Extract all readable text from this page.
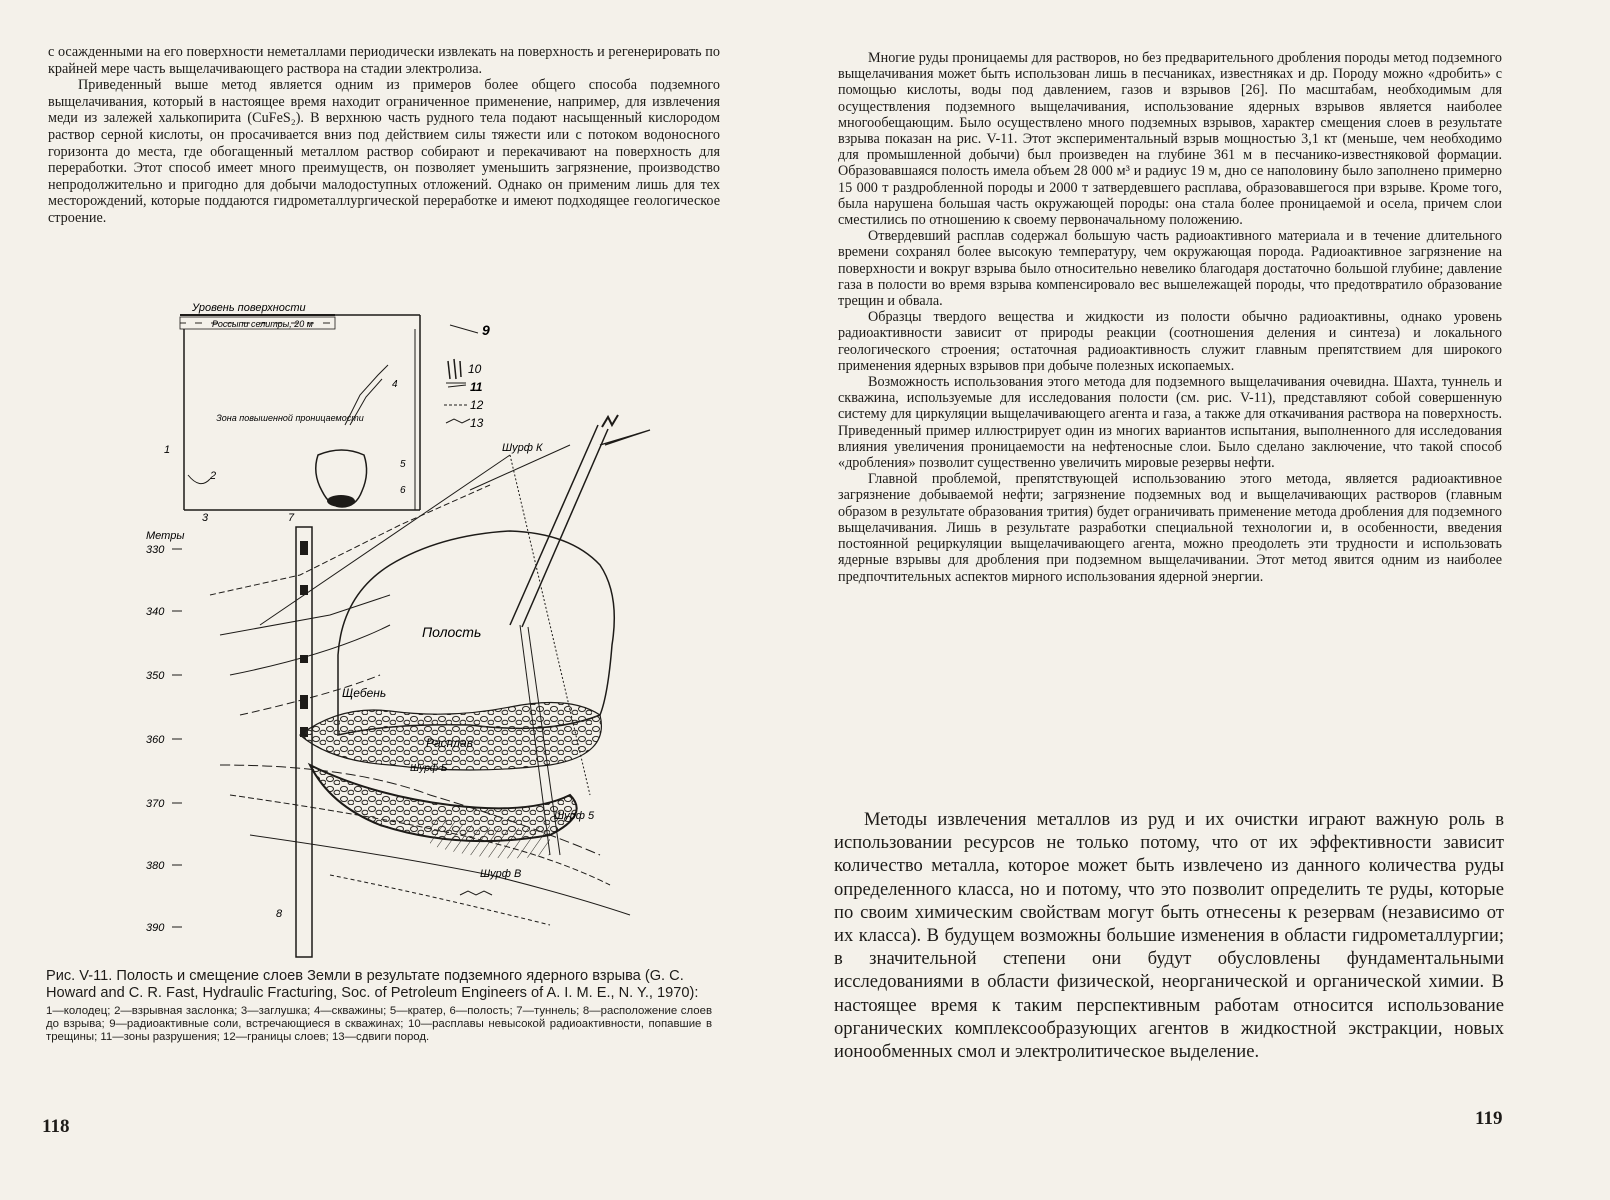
с осажденными на его поверхности неметаллами периодически извлекать на поверхность и регенерировать по крайней мере часть выщелачивающего раствора на стадии электролиза.

Приведенный выше метод является одним из примеров более общего способа подземного выщелачивания, который в настоящее время находит ограниченное применение, например, для извлечения меди из залежей халькопирита (CuFeS₂). В верхнюю часть рудного тела подают насыщенный кислородом раствор серной кислоты, он просачивается вниз под действием силы тяжести или с потоком водоносного горизонта до места, где обогащенный металлом раствор собирают и перекачивают на поверхность для переработки. Этот способ имеет много преимуществ, он позволяет уменьшить загрязнение, производство непродолжительно и пригодно для добычи малодоступных отложений. Однако он применим лишь для тех месторождений, которые поддаются гидрометаллургической переработке и имеют подходящее геологическое строение.

Уровень поверхности
Россыпи селитры, 20 м
Зона повышенной проницаемости
4
1
2
3	7
5
6
9
10
11
12
13
Метры
330
340
350
360
370
380
390
8
Полость
Щебень
Расплав
Шурф Б
Шурф К
Шурф 5
Шурф В

Рис. V-11. Полость и смещение слоев Земли в результате подземного ядерного взрыва (G. C. Howard and C. R. Fast, Hydraulic Fracturing, Soc. of Petroleum Engineers of A. I. M. E., N. Y., 1970):

1—колодец; 2—взрывная заслонка; 3—заглушка; 4—скважины; 5—кратер, 6—полость; 7—туннель; 8—расположение слоев до взрыва; 9—радиоактивные соли, встречающиеся в скважинах; 10—расплавы невысокой радиоактивности, попавшие в трещины; 11—зоны разрушения; 12—границы слоев; 13—сдвиги пород.

118

Многие руды проницаемы для растворов, но без предварительного дробления породы метод подземного выщелачивания может быть использован лишь в песчаниках, известняках и др. Породу можно «дробить» с помощью кислоты, воды под давлением, газов и взрывов [26]. По масштабам, необходимым для осуществления подземного выщелачивания, использование ядерных взрывов является наиболее многообещающим. Было осуществлено много подземных взрывов, характер смещения слоев в результате взрыва показан на рис. V-11. Этот экспериментальный взрыв мощностью 3,1 кт (меньше, чем необходимо для промышленной добычи) был произведен на глубине 361 м в песчанико-известняковой формации. Образовавшаяся полость имела объем 28 000 м³ и радиус 19 м, дно се наполовину было заполнено примерно 15 000 т раздробленной породы и 2000 т затвердевшего расплава, образовавшегося при взрыве. Кроме того, была нарушена большая часть окружающей породы: она стала более проницаемой и осела, причем слои сместились по отношению к своему первоначальному положению.

Отвердевший расплав содержал большую часть радиоактивного материала и в течение длительного времени сохранял более высокую температуру, чем окружающая порода. Радиоактивное загрязнение на поверхности и вокруг взрыва было относительно невелико благодаря достаточно большой глубине; давление газа в полости во время взрыва компенсировало вес вышележащей породы, что предотвратило образование трещин и обвала.

Образцы твердого вещества и жидкости из полости обычно радиоактивны, однако уровень радиоактивности зависит от природы реакции (соотношения деления и синтеза) и локального геологического строения; остаточная радиоактивность служит главным препятствием для широкого применения ядерных взрывов при добыче полезных ископаемых.

Возможность использования этого метода для подземного выщелачивания очевидна. Шахта, туннель и скважина, используемые для исследования полости (см. рис. V-11), представляют собой совершенную систему для циркуляции выщелачивающего агента и газа, а также для откачивания раствора на поверхность. Приведенный пример иллюстрирует один из многих вариантов испытания, выполненного для исследования влияния увеличения проницаемости на нефтеносные слои. Было сделано заключение, что такой способ «дробления» позволит существенно увеличить мировые резервы нефти.

Главной проблемой, препятствующей использованию этого метода, является радиоактивное загрязнение добываемой нефти; загрязнение подземных вод и выщелачивающих растворов (главным образом в результате образования трития) будет ограничивать применение метода дробления для подземного выщелачивания. Лишь в результате разработки специальной технологии и, в особенности, введения постоянной рециркуляции выщелачивающего агента, можно преодолеть эти трудности и использовать ядерные взрывы для дробления при подземном выщелачивании. Этот метод явится одним из наиболее предпочтительных аспектов мирного использования ядерной энергии.

Методы извлечения металлов из руд и их очистки играют важную роль в использовании ресурсов не только потому, что от их эффективности зависит количество металла, которое может быть извлечено из данного количества руды определенного класса, но и потому, что это позволит определить те руды, которые по своим химическим свойствам могут быть отнесены к резервам (независимо от их класса). В будущем возможны большие изменения в области гидрометаллургии; в значительной степени они будут обусловлены фундаментальными исследованиями в области физической, неорганической и органической химии. В настоящее время к таким перспективным работам относится использование органических комплексообразующих агентов в жидкостной экстракции, новых ионообменных смол и электролитическое выделение.

119
